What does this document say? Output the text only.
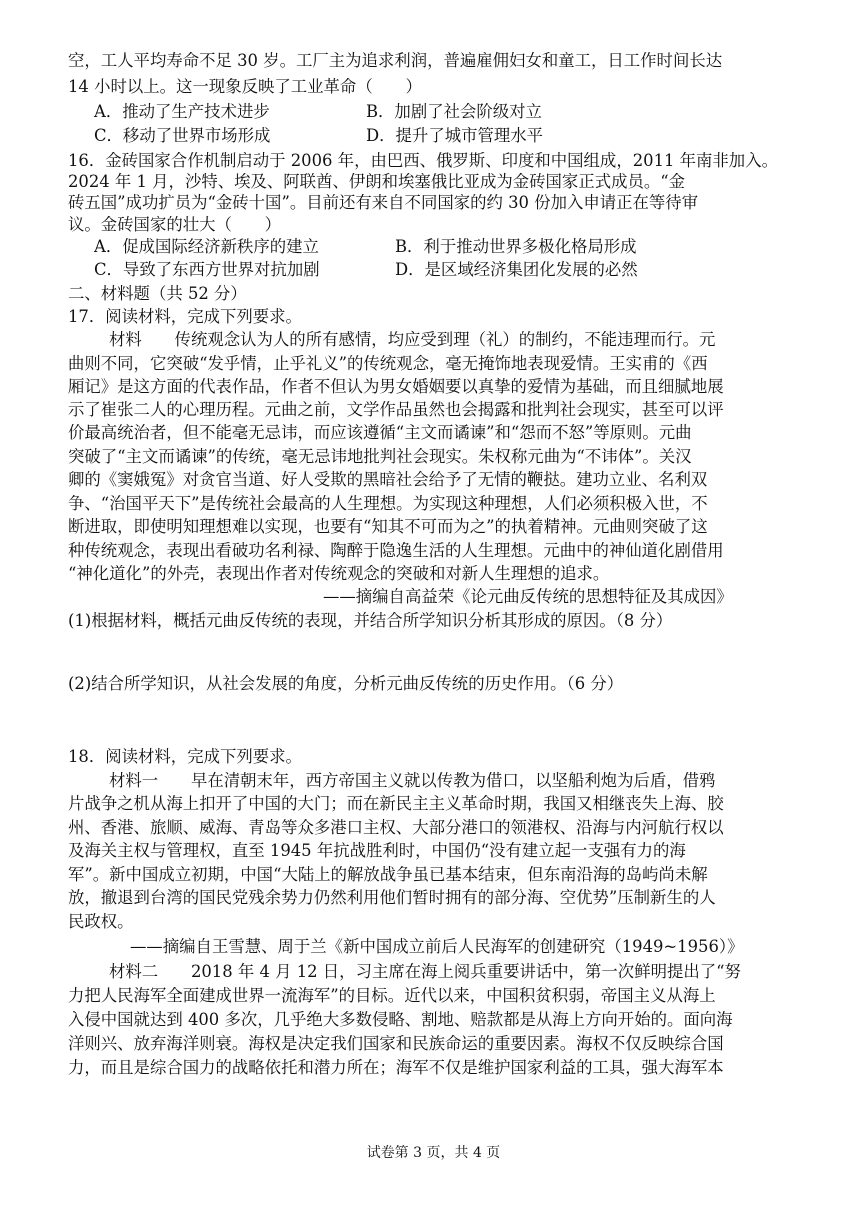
空，工人平均寿命不足 30 岁。工厂主为追求利润，普遍雇佣妇女和童工，日工作时间长达
14 小时以上。这一现象反映了工业革命（　　）
A．推动了生产技术进步	B．加剧了社会阶级对立
C．移动了世界市场形成	D．提升了城市管理水平
16．金砖国家合作机制启动于 2006 年，由巴西、俄罗斯、印度和中国组成，2011 年南非加入。
2024 年 1 月，沙特、埃及、阿联酋、伊朗和埃塞俄比亚成为金砖国家正式成员。“金
砖五国”成功扩员为“金砖十国”。目前还有来自不同国家的约 30 份加入申请正在等待审
议。金砖国家的壮大（　　）
A．促成国际经济新秩序的建立	B．利于推动世界多极化格局形成
C．导致了东西方世界对抗加剧	D．是区域经济集团化发展的必然
二、材料题（共 52 分）
17．阅读材料，完成下列要求。
材料　　传统观念认为人的所有感情，均应受到理（礼）的制约，不能违理而行。元
曲则不同，它突破“发乎情，止乎礼义”的传统观念，毫无掩饰地表现爱情。王实甫的《西
厢记》是这方面的代表作品，作者不但认为男女婚姻要以真挚的爱情为基础，而且细腻地展
示了崔张二人的心理历程。元曲之前，文学作品虽然也会揭露和批判社会现实，甚至可以评
价最高统治者，但不能毫无忌讳，而应该遵循“主文而谲谏”和“怨而不怒”等原则。元曲
突破了“主文而谲谏”的传统，毫无忌讳地批判社会现实。朱权称元曲为“不讳体”。关汉
卿的《窦娥冤》对贪官当道、好人受欺的黑暗社会给予了无情的鞭挞。建功立业、名利双
争、“治国平天下”是传统社会最高的人生理想。为实现这种理想，人们必须积极入世，不
断进取，即使明知理想难以实现，也要有“知其不可而为之”的执着精神。元曲则突破了这
种传统观念，表现出看破功名利禄、陶醉于隐逸生活的人生理想。元曲中的神仙道化剧借用
“神化道化”的外壳，表现出作者对传统观念的突破和对新人生理想的追求。
——摘编自高益荣《论元曲反传统的思想特征及其成因》
(1)根据材料，概括元曲反传统的表现，并结合所学知识分析其形成的原因。（8 分）
(2)结合所学知识，从社会发展的角度，分析元曲反传统的历史作用。（6 分）
18．阅读材料，完成下列要求。
材料一　　早在清朝末年，西方帝国主义就以传教为借口，以坚船利炮为后盾，借鸦
片战争之机从海上扣开了中国的大门；而在新民主主义革命时期，我国又相继丧失上海、胶
州、香港、旅顺、威海、青岛等众多港口主权、大部分港口的领港权、沿海与内河航行权以
及海关主权与管理权，直至 1945 年抗战胜利时，中国仍“没有建立起一支强有力的海
军”。新中国成立初期，中国“大陆上的解放战争虽已基本结束，但东南沿海的岛屿尚未解
放，撤退到台湾的国民党残余势力仍然利用他们暂时拥有的部分海、空优势”压制新生的人
民政权。
——摘编自王雪慧、周于兰《新中国成立前后人民海军的创建研究（1949~1956）》
材料二　　2018 年 4 月 12 日，习主席在海上阅兵重要讲话中，第一次鲜明提出了“努
力把人民海军全面建成世界一流海军”的目标。近代以来，中国积贫积弱，帝国主义从海上
入侵中国就达到 400 多次，几乎绝大多数侵略、割地、赔款都是从海上方向开始的。面向海
洋则兴、放弃海洋则衰。海权是决定我们国家和民族命运的重要因素。海权不仅反映综合国
力，而且是综合国力的战略依托和潜力所在；海军不仅是维护国家利益的工具，强大海军本
试卷第 3 页，共 4 页
